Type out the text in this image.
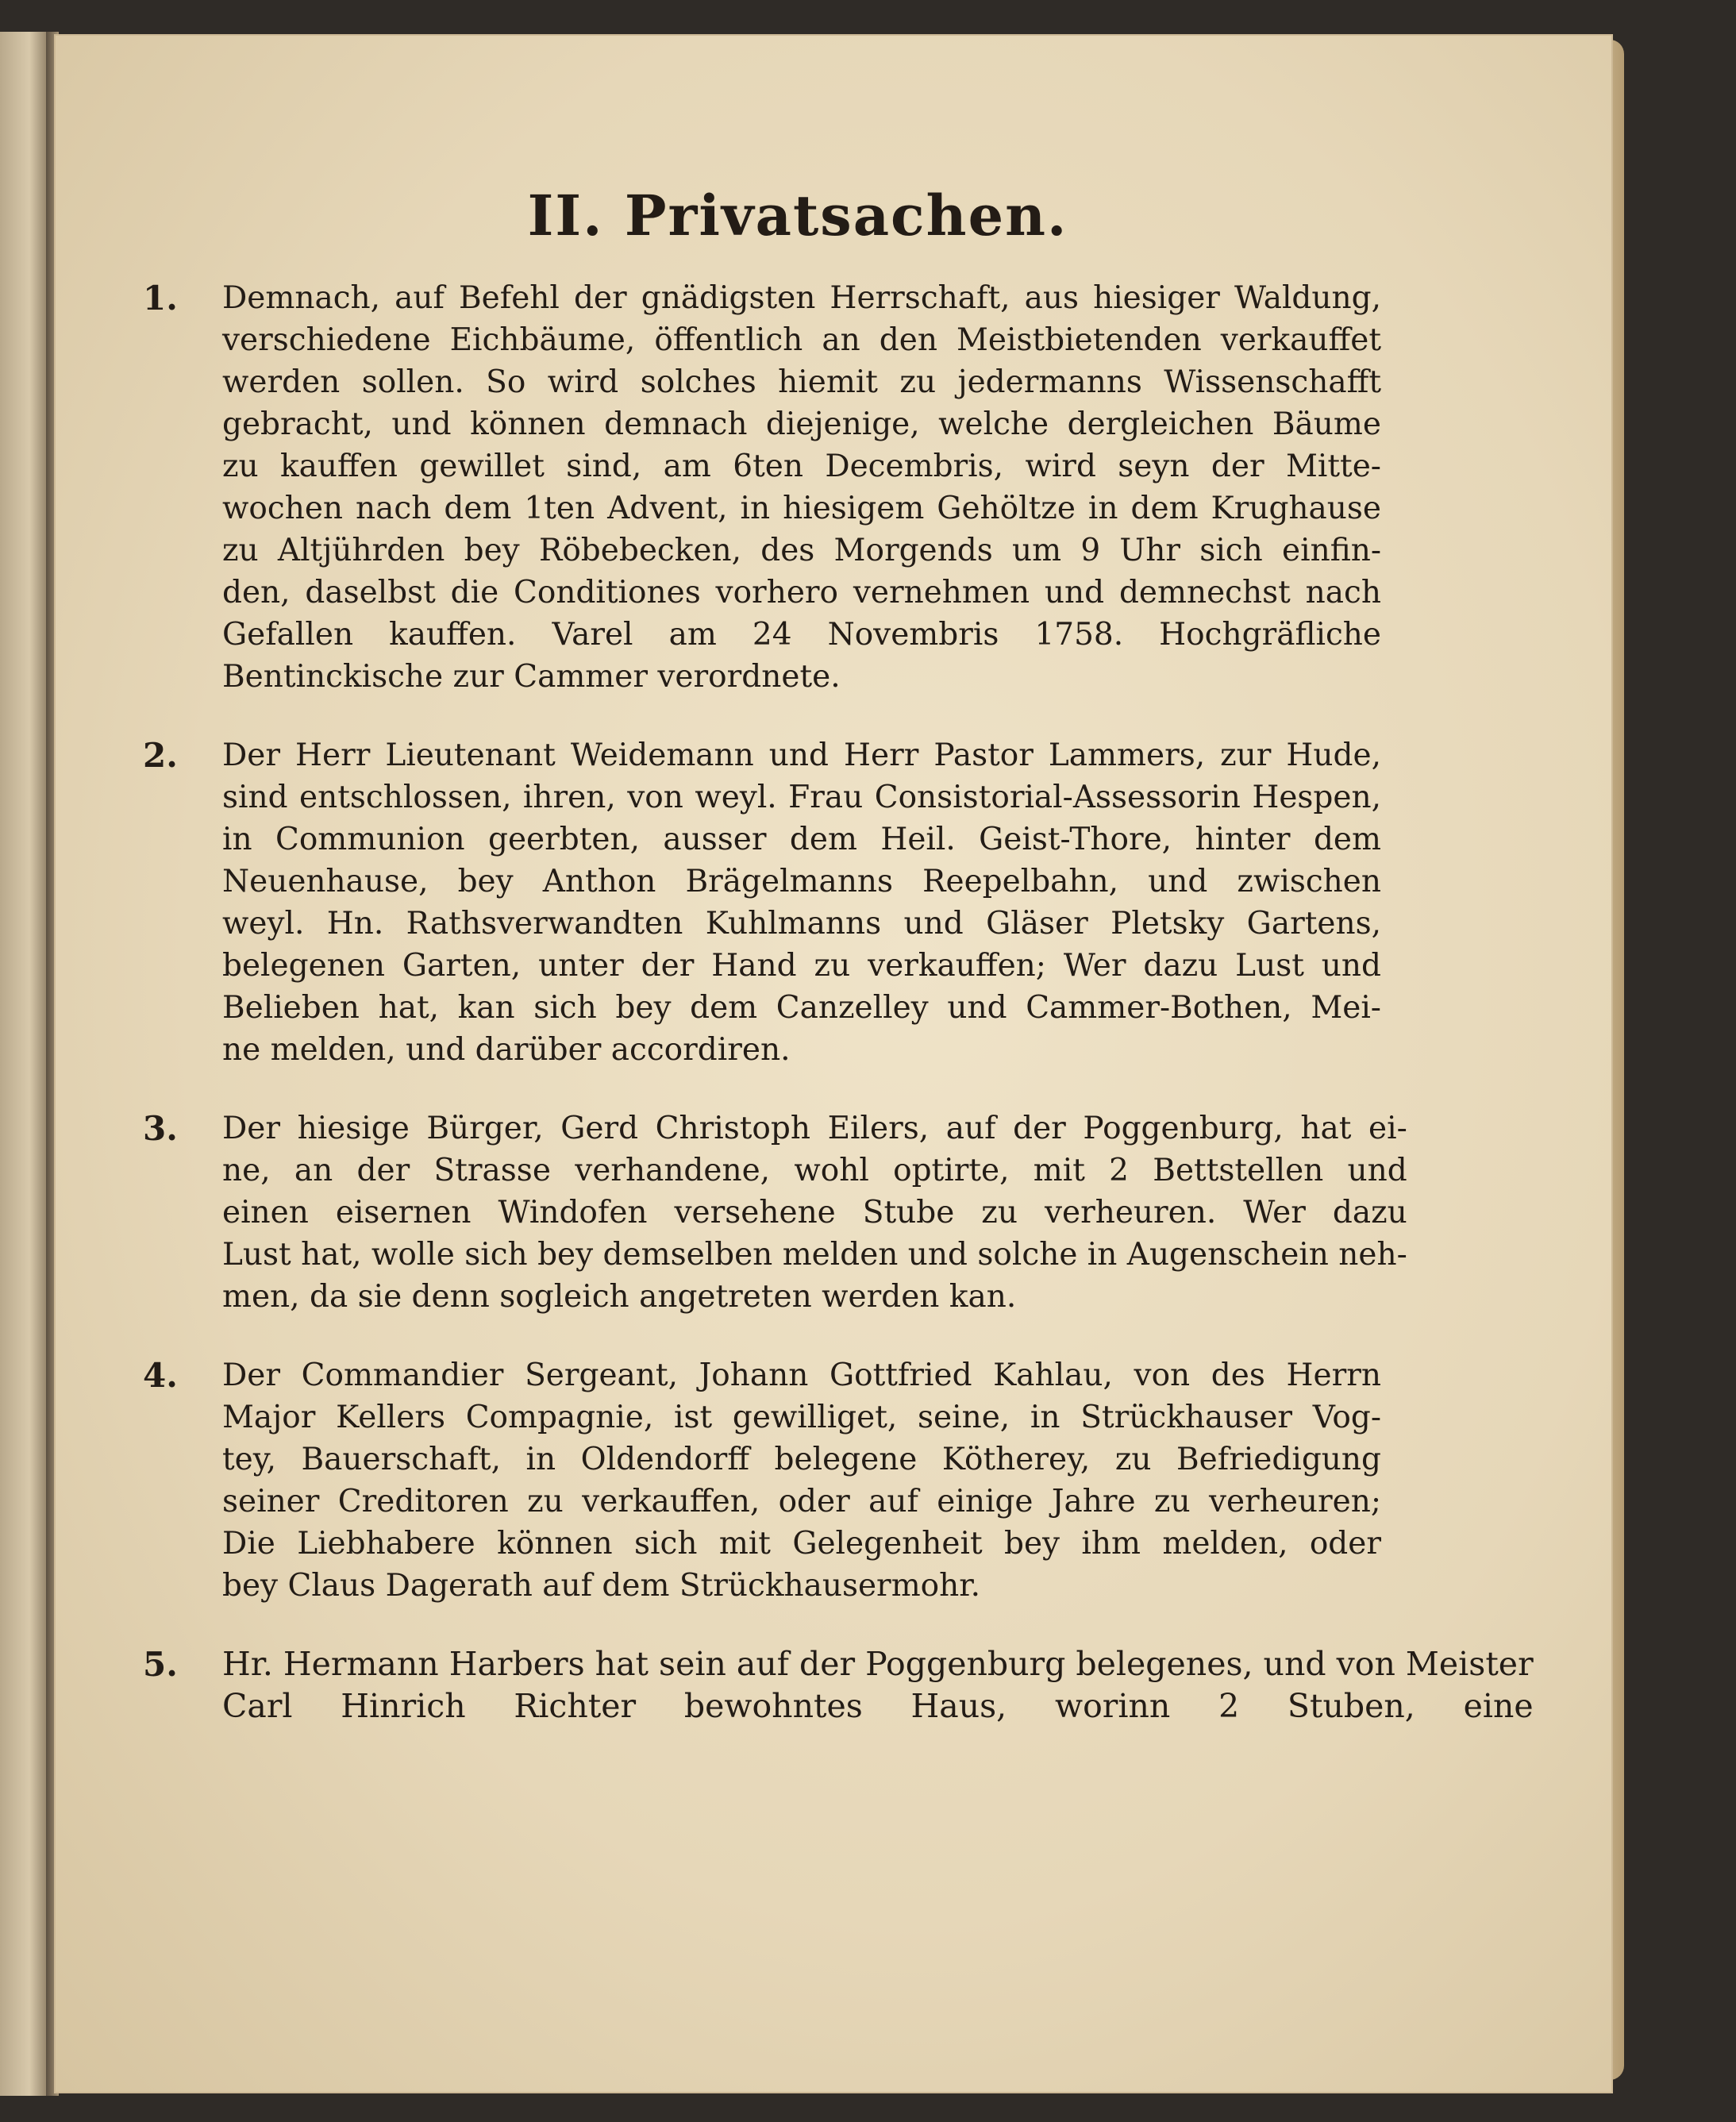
II. Privatsachen.
1.	Demnach, auf Befehl der gnädigsten Herrschaft, aus hiesiger Waldung,
verschiedene Eichbäume, öffentlich an den Meistbietenden verkauffet
werden sollen. So wird solches hiemit zu jedermanns Wissenschafft
gebracht, und können demnach diejenige, welche dergleichen Bäume
zu kauffen gewillet sind, am 6ten Decembris, wird seyn der Mitte-
wochen nach dem 1ten Advent, in hiesigem Gehöltze in dem Krughause
zu Altjührden bey Röbebecken, des Morgends um 9 Uhr sich einfin-
den, daselbst die Conditiones vorhero vernehmen und demnechst nach
Gefallen kauffen. Varel am 24 Novembris 1758. Hochgräfliche
Bentinckische zur Cammer verordnete.
2.	Der Herr Lieutenant Weidemann und Herr Pastor Lammers, zur Hude,
sind entschlossen, ihren, von weyl. Frau Consistorial-Assessorin Hespen,
in Communion geerbten, ausser dem Heil. Geist-Thore, hinter dem
Neuenhause, bey Anthon Brägelmanns Reepelbahn, und zwischen
weyl. Hn. Rathsverwandten Kuhlmanns und Gläser Pletsky Gartens,
belegenen Garten, unter der Hand zu verkauffen; Wer dazu Lust und
Belieben hat, kan sich bey dem Canzelley und Cammer-Bothen, Mei-
ne melden, und darüber accordiren.
3.	Der hiesige Bürger, Gerd Christoph Eilers, auf der Poggenburg, hat ei-
ne, an der Strasse verhandene, wohl optirte, mit 2 Bettstellen und
einen eisernen Windofen versehene Stube zu verheuren. Wer dazu
Lust hat, wolle sich bey demselben melden und solche in Augenschein neh-
men, da sie denn sogleich angetreten werden kan.
4.	Der Commandier Sergeant, Johann Gottfried Kahlau, von des Herrn
Major Kellers Compagnie, ist gewilliget, seine, in Strückhauser Vog-
tey, Bauerschaft, in Oldendorff belegene Kötherey, zu Befriedigung
seiner Creditoren zu verkauffen, oder auf einige Jahre zu verheuren;
Die Liebhabere können sich mit Gelegenheit bey ihm melden, oder
bey Claus Dagerath auf dem Strückhausermohr.
5.	Hr. Hermann Harbers hat sein auf der Poggenburg belegenes, und von Meister
Carl Hinrich Richter bewohntes Haus, worinn 2 Stuben, eine
